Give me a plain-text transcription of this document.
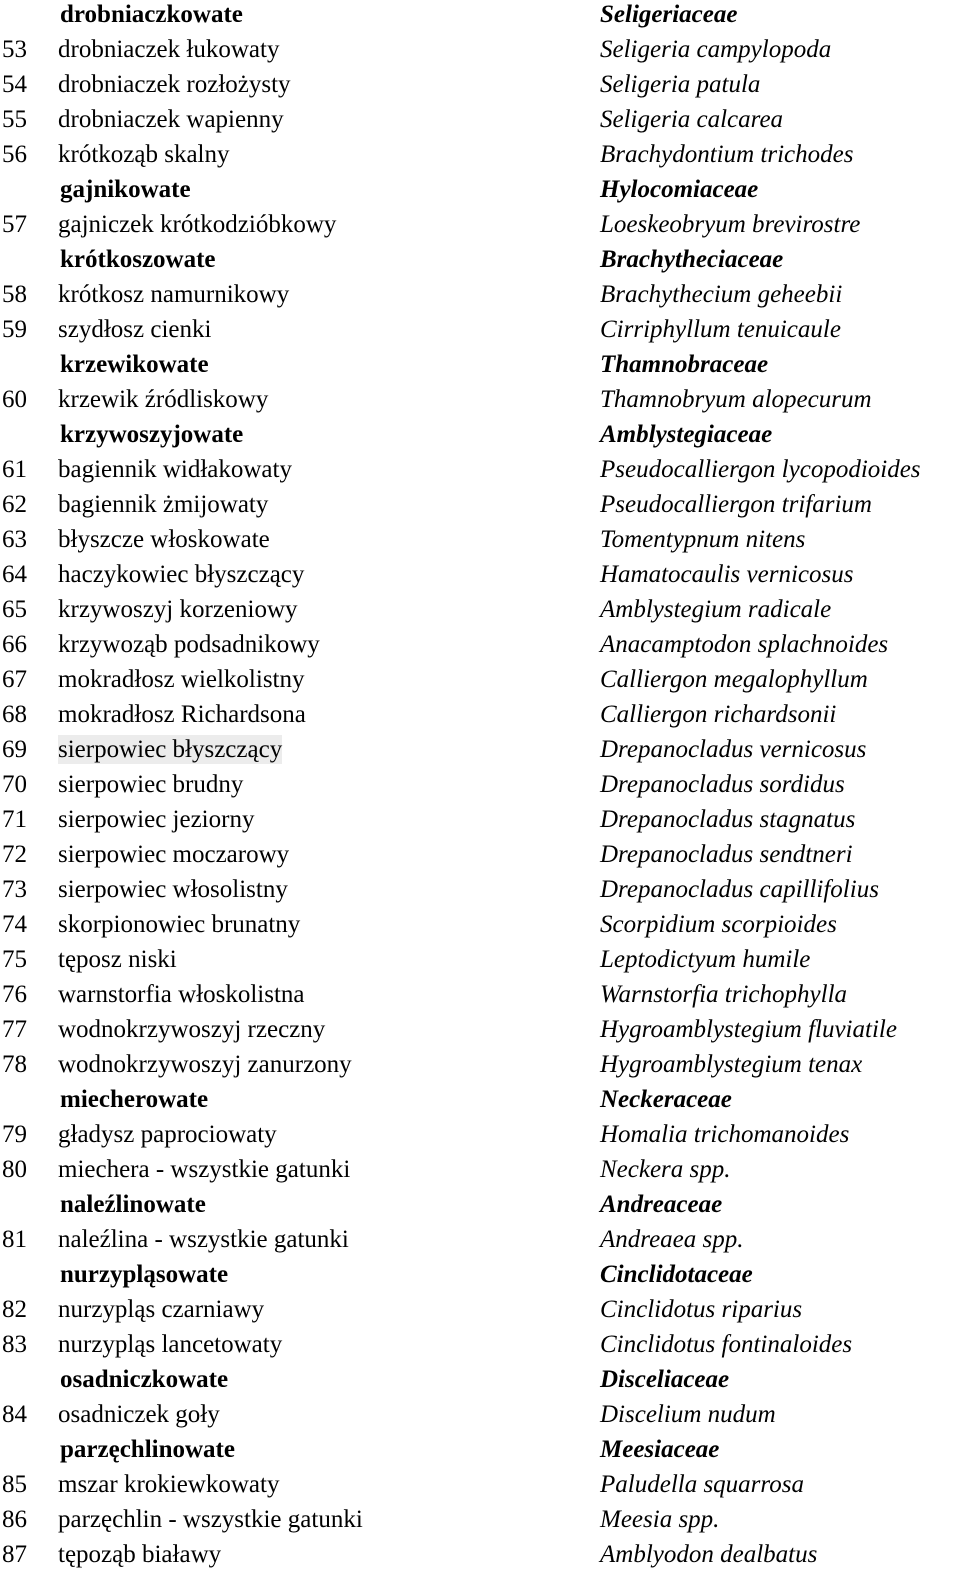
drobniaczkowate	Seligeriaceae
53 drobniaczek łukowaty	Seligeria campylopoda
54 drobniaczek rozłożysty	Seligeria patula
55 drobniaczek wapienny	Seligeria calcarea
56 krótkoząb skalny	Brachydontium trichodes
gajnikowate	Hylocomiaceae
57 gajniczek krótkodzióbkowy	Loeskeobryum brevirostre
krótkoszowate	Brachytheciaceae
58 krótkosz namurnikowy	Brachythecium geheebii
59 szydłosz cienki	Cirriphyllum tenuicaule
krzewikowate	Thamnobraceae
60 krzewik źródliskowy	Thamnobryum alopecurum
krzywoszyjowate	Amblystegiaceae
61 bagiennik widłakowaty	Pseudocalliergon lycopodioides
62 bagiennik żmijowaty	Pseudocalliergon trifarium
63 błyszcze włoskowate	Tomentypnum nitens
64 haczykowiec błyszczący	Hamatocaulis vernicosus
65 krzywoszyj korzeniowy	Amblystegium radicale
66 krzywoząb podsadnikowy	Anacamptodon splachnoides
67 mokradłosz wielkolistny	Calliergon megalophyllum
68 mokradłosz Richardsona	Calliergon richardsonii
69 sierpowiec błyszczący	Drepanocladus vernicosus
70 sierpowiec brudny	Drepanocladus sordidus
71 sierpowiec jeziorny	Drepanocladus stagnatus
72 sierpowiec moczarowy	Drepanocladus sendtneri
73 sierpowiec włosolistny	Drepanocladus capillifolius
74 skorpionowiec brunatny	Scorpidium scorpioides
75 tęposz niski	Leptodictyum humile
76 warnstorfia włoskolistna	Warnstorfia trichophylla
77 wodnokrzywoszyj rzeczny	Hygroamblystegium fluviatile
78 wodnokrzywoszyj zanurzony	Hygroamblystegium tenax
miecherowate	Neckeraceae
79 gładysz paprociowaty	Homalia trichomanoides
80 miechera - wszystkie gatunki	Neckera spp.
naleźlinowate	Andreaceae
81 naleźlina - wszystkie gatunki	Andreaea spp.
nurzypląsowate	Cinclidotaceae
82 nurzypląs czarniawy	Cinclidotus riparius
83 nurzypląs lancetowaty	Cinclidotus fontinaloides
osadniczkowate	Disceliaceae
84 osadniczek goły	Discelium nudum
parzęchlinowate	Meesiaceae
85 mszar krokiewkowaty	Paludella squarrosa
86 parzęchlin - wszystkie gatunki	Meesia spp.
87 tępoząb białawy	Amblyodon dealbatus
